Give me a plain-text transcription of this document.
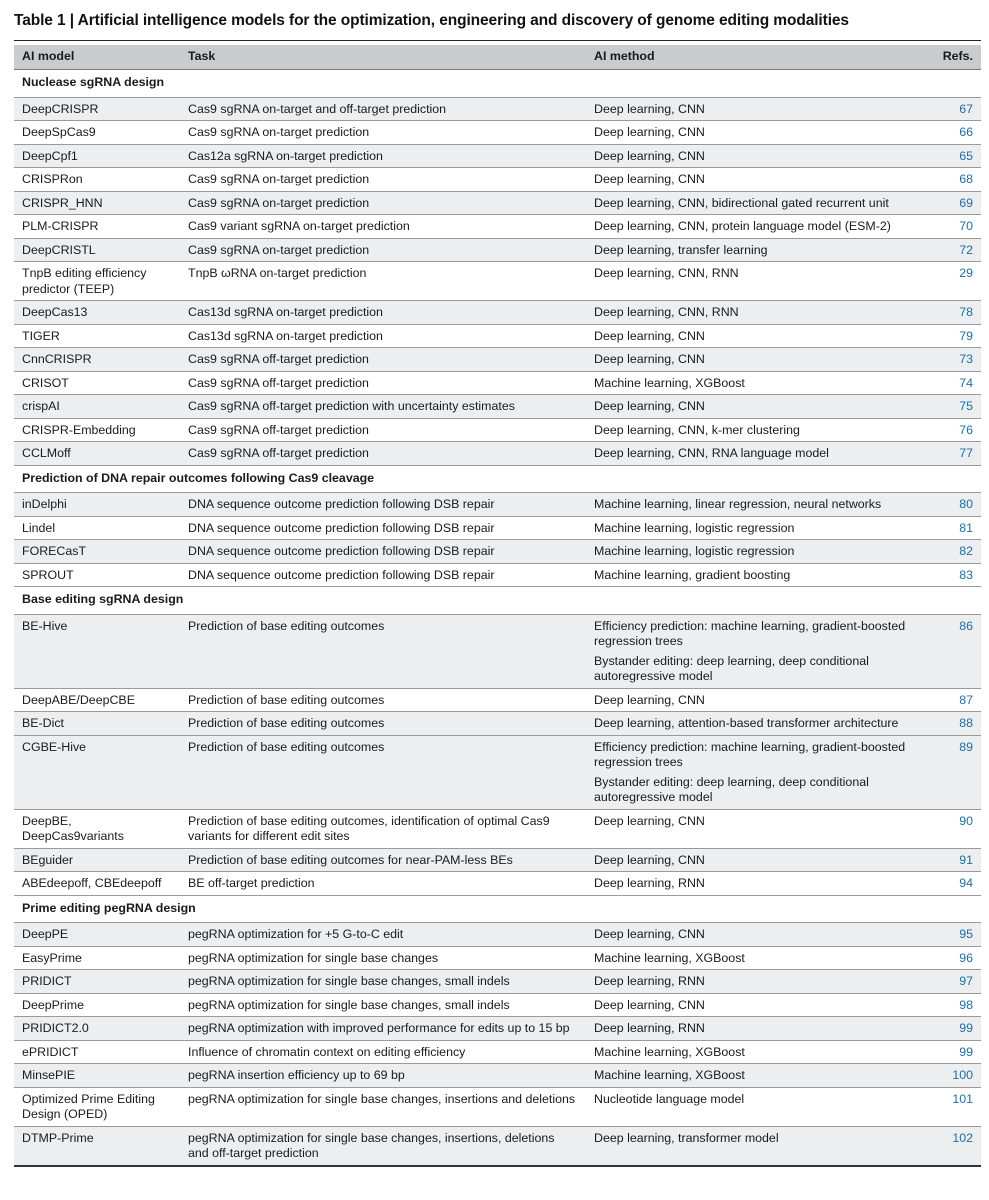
Table 1 | Artificial intelligence models for the optimization, engineering and discovery of genome editing modalities
AI model	Task	AI method	Refs.
Nuclease sgRNA design			
DeepCRISPR	Cas9 sgRNA on-target and off-target prediction	Deep learning, CNN	67
DeepSpCas9	Cas9 sgRNA on-target prediction	Deep learning, CNN	66
DeepCpf1	Cas12a sgRNA on-target prediction	Deep learning, CNN	65
CRISPRon	Cas9 sgRNA on-target prediction	Deep learning, CNN	68
CRISPR_HNN	Cas9 sgRNA on-target prediction	Deep learning, CNN, bidirectional gated recurrent unit	69
PLM-CRISPR	Cas9 variant sgRNA on-target prediction	Deep learning, CNN, protein language model (ESM-2)	70
DeepCRISTL	Cas9 sgRNA on-target prediction	Deep learning, transfer learning	72
TnpB editing efficiency predictor (TEEP)	TnpB ωRNA on-target prediction	Deep learning, CNN, RNN	29
DeepCas13	Cas13d sgRNA on-target prediction	Deep learning, CNN, RNN	78
TIGER	Cas13d sgRNA on-target prediction	Deep learning, CNN	79
CnnCRISPR	Cas9 sgRNA off-target prediction	Deep learning, CNN	73
CRISOT	Cas9 sgRNA off-target prediction	Machine learning, XGBoost	74
crispAI	Cas9 sgRNA off-target prediction with uncertainty estimates	Deep learning, CNN	75
CRISPR-Embedding	Cas9 sgRNA off-target prediction	Deep learning, CNN, k-mer clustering	76
CCLMoff	Cas9 sgRNA off-target prediction	Deep learning, CNN, RNA language model	77
Prediction of DNA repair outcomes following Cas9 cleavage			
inDelphi	DNA sequence outcome prediction following DSB repair	Machine learning, linear regression, neural networks	80
Lindel	DNA sequence outcome prediction following DSB repair	Machine learning, logistic regression	81
FORECasT	DNA sequence outcome prediction following DSB repair	Machine learning, logistic regression	82
SPROUT	DNA sequence outcome prediction following DSB repair	Machine learning, gradient boosting	83
Base editing sgRNA design			
BE-Hive	Prediction of base editing outcomes	Efficiency prediction: machine learning, gradient-boosted regression trees
Bystander editing: deep learning, deep conditional autoregressive model	86
DeepABE/DeepCBE	Prediction of base editing outcomes	Deep learning, CNN	87
BE-Dict	Prediction of base editing outcomes	Deep learning, attention-based transformer architecture	88
CGBE-Hive	Prediction of base editing outcomes	Efficiency prediction: machine learning, gradient-boosted regression trees
Bystander editing: deep learning, deep conditional autoregressive model	89
DeepBE, DeepCas9variants	Prediction of base editing outcomes, identification of optimal Cas9 variants for different edit sites	Deep learning, CNN	90
BEguider	Prediction of base editing outcomes for near-PAM-less BEs	Deep learning, CNN	91
ABEdeepoff, CBEdeepoff	BE off-target prediction	Deep learning, RNN	94
Prime editing pegRNA design			
DeepPE	pegRNA optimization for +5 G-to-C edit	Deep learning, CNN	95
EasyPrime	pegRNA optimization for single base changes	Machine learning, XGBoost	96
PRIDICT	pegRNA optimization for single base changes, small indels	Deep learning, RNN	97
DeepPrime	pegRNA optimization for single base changes, small indels	Deep learning, CNN	98
PRIDICT2.0	pegRNA optimization with improved performance for edits up to 15 bp	Deep learning, RNN	99
ePRIDICT	Influence of chromatin context on editing efficiency	Machine learning, XGBoost	99
MinsePIE	pegRNA insertion efficiency up to 69 bp	Machine learning, XGBoost	100
Optimized Prime Editing Design (OPED)	pegRNA optimization for single base changes, insertions and deletions	Nucleotide language model	101
DTMP-Prime	pegRNA optimization for single base changes, insertions, deletions and off-target prediction	Deep learning, transformer model	102
